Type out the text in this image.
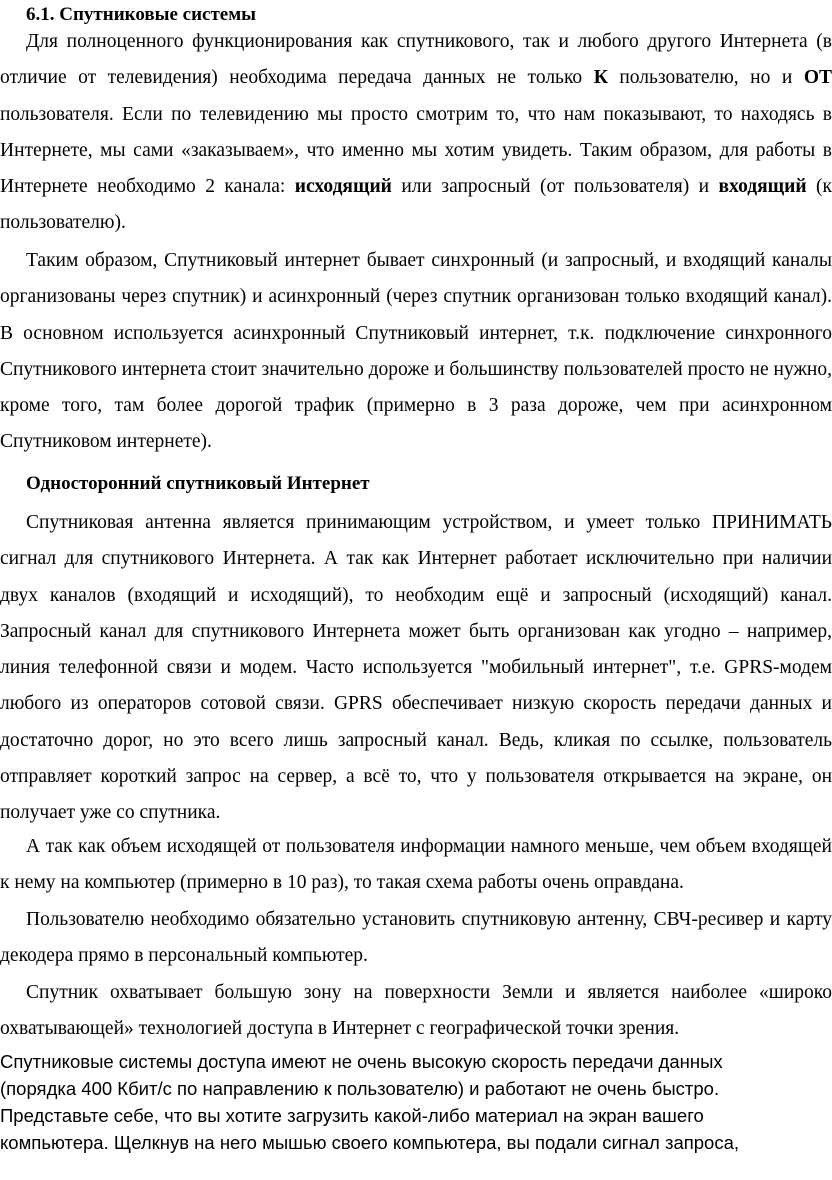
6.1. Спутниковые системы

Для полноценного функционирования как спутникового, так и любого другого Интернета (в отличие от телевидения) необходима передача данных не только К пользователю, но и ОТ пользователя. Если по телевидению мы просто смотрим то, что нам показывают, то находясь в Интернете, мы сами «заказываем», что именно мы хотим увидеть. Таким образом, для работы в Интернете необходимо 2 канала: исходящий или запросный (от пользователя) и входящий (к пользователю).

Таким образом, Спутниковый интернет бывает синхронный (и запросный, и входящий каналы организованы через спутник) и асинхронный (через спутник организован только входящий канал). В основном используется асинхронный Спутниковый интернет, т.к. подключение синхронного Спутникового интернета стоит значительно дороже и большинству пользователей просто не нужно, кроме того, там более дорогой трафик (примерно в 3 раза дороже, чем при асинхронном Спутниковом интернете).

Односторонний спутниковый Интернет

Спутниковая антенна является принимающим устройством, и умеет только ПРИНИМАТЬ сигнал для спутникового Интернета. А так как Интернет работает исключительно при наличии двух каналов (входящий и исходящий), то необходим ещё и запросный (исходящий) канал. Запросный канал для спутникового Интернета может быть организован как угодно – например, линия телефонной связи и модем. Часто используется "мобильный интернет", т.е. GPRS-модем любого из операторов сотовой связи. GPRS обеспечивает низкую скорость передачи данных и достаточно дорог, но это всего лишь запросный канал. Ведь, кликая по ссылке, пользователь отправляет короткий запрос на сервер, а всё то, что у пользователя открывается на экране, он получает уже со спутника.

А так как объем исходящей от пользователя информации намного меньше, чем объем входящей к нему на компьютер (примерно в 10 раз), то такая схема работы очень оправдана.

Пользователю необходимо обязательно установить спутниковую антенну, СВЧ-ресивер и карту декодера прямо в персональный компьютер.

Спутник охватывает большую зону на поверхности Земли и является наиболее «широко охватывающей» технологией доступа в Интернет с географической точки зрения.

Спутниковые системы доступа имеют не очень высокую скорость передачи данных
(порядка 400 Кбит/с по направлению к пользователю) и работают не очень быстро.
Представьте себе, что вы хотите загрузить какой-либо материал на экран вашего
компьютера. Щелкнув на него мышью своего компьютера, вы подали сигнал запроса,
